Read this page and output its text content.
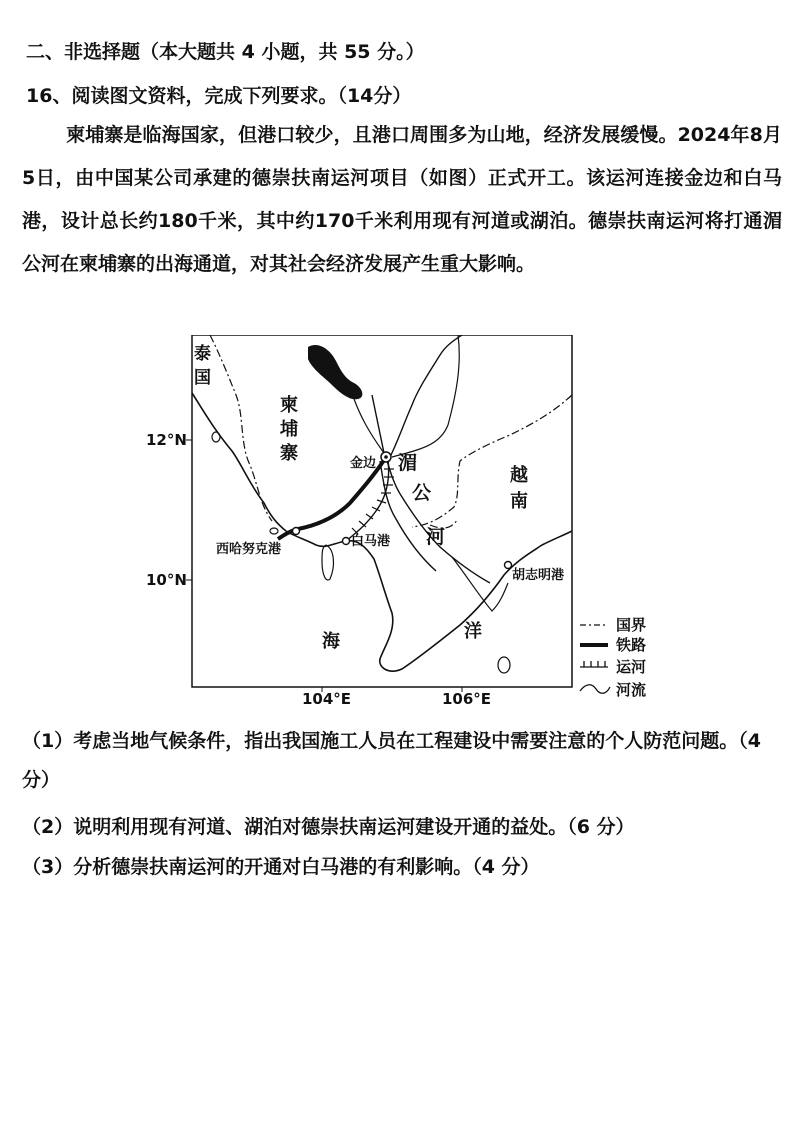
二、非选择题（本大题共 4 小题，共 55 分。）
16、阅读图文资料，完成下列要求。（14分）
柬埔寨是临海国家，但港口较少，且港口周围多为山地，经济发展缓慢。2024年8月5日，由中国某公司承建的德崇扶南运河项目（如图）正式开工。该运河连接金边和白马港，设计总长约180千米，其中约170千米利用现有河道或湖泊。德崇扶南运河将打通湄公河在柬埔寨的出海通道，对其社会经济发展产生重大影响。
泰
国
柬
埔
寨
越
南
湄
公
河
海	洋
金边
白马港
西哈努克港
胡志明港
12°N
10°N
104°E	106°E
国界
铁路
运河
河流
（1）考虑当地气候条件，指出我国施工人员在工程建设中需要注意的个人防范问题。（4分）
（2）说明利用现有河道、湖泊对德崇扶南运河建设开通的益处。（6 分）
（3）分析德崇扶南运河的开通对白马港的有利影响。（4 分）
